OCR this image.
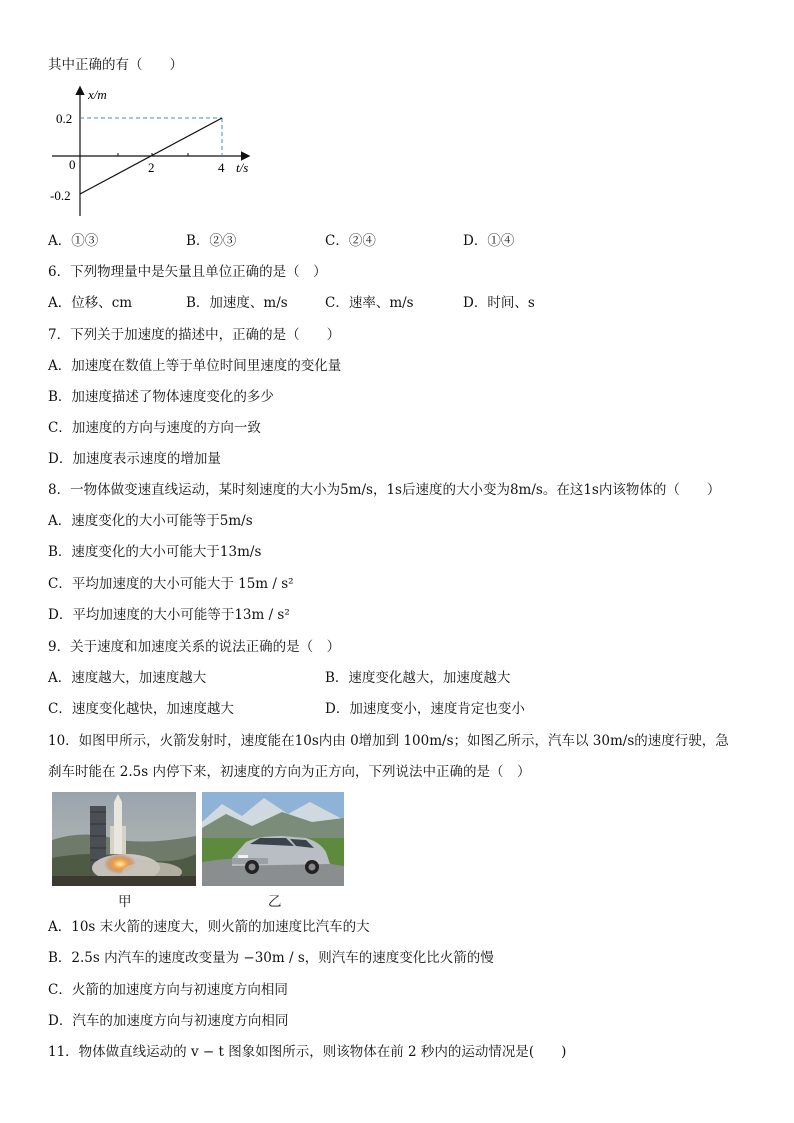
其中正确的有（　　）
x/m
0.2
-0.2
0	2	4 t/s
A．①③	B．②③	C．②④	D．①④
6．下列物理量中是矢量且单位正确的是（　）
A．位移、cm	B．加速度、m/s	C．速率、m/s	D．时间、s
7．下列关于加速度的描述中，正确的是（　　）
A．加速度在数值上等于单位时间里速度的变化量
B．加速度描述了物体速度变化的多少
C．加速度的方向与速度的方向一致
D．加速度表示速度的增加量
8．一物体做变速直线运动，某时刻速度的大小为5m/s，1s后速度的大小变为8m/s。在这1s内该物体的（　　）
A．速度变化的大小可能等于5m/s
B．速度变化的大小可能大于13m/s
C．平均加速度的大小可能大于 15m / s²
D．平均加速度的大小可能等于13m / s²
9．关于速度和加速度关系的说法正确的是（　）
A．速度越大，加速度越大	B．速度变化越大，加速度越大
C．速度变化越快，加速度越大	D．加速度变小，速度肯定也变小
10．如图甲所示，火箭发射时，速度能在10s内由 0增加到 100m/s；如图乙所示，汽车以 30m/s的速度行驶，急
刹车时能在 2.5s 内停下来，初速度的方向为正方向，下列说法中正确的是（　）
甲	乙
A．10s 末火箭的速度大，则火箭的加速度比汽车的大
B．2.5s 内汽车的速度改变量为 −30m / s，则汽车的速度变化比火箭的慢
C．火箭的加速度方向与初速度方向相同
D．汽车的加速度方向与初速度方向相同
11．物体做直线运动的 v − t 图象如图所示，则该物体在前 2 秒内的运动情况是(　　)
